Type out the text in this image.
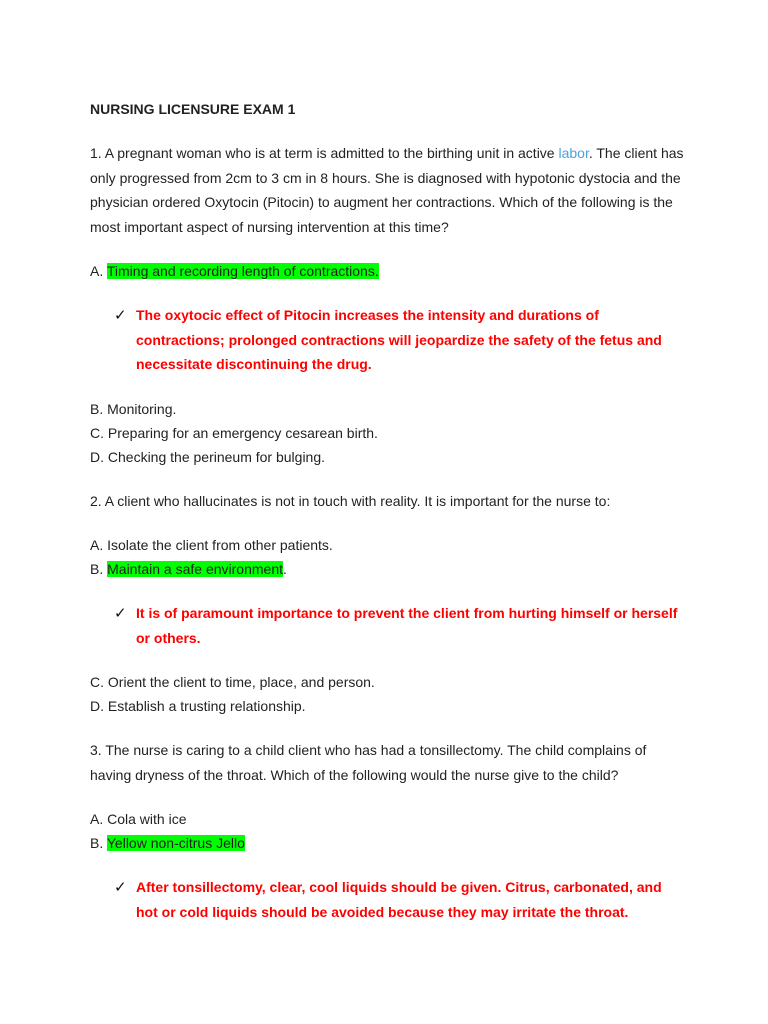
NURSING LICENSURE EXAM 1

1. A pregnant woman who is at term is admitted to the birthing unit in active labor. The client has only progressed from 2cm to 3 cm in 8 hours. She is diagnosed with hypotonic dystocia and the physician ordered Oxytocin (Pitocin) to augment her contractions. Which of the following is the most important aspect of nursing intervention at this time?

A. Timing and recording length of contractions.
✓ The oxytocic effect of Pitocin increases the intensity and durations of contractions; prolonged contractions will jeopardize the safety of the fetus and necessitate discontinuing the drug.
B. Monitoring.
C. Preparing for an emergency cesarean birth.
D. Checking the perineum for bulging.

2. A client who hallucinates is not in touch with reality. It is important for the nurse to:

A. Isolate the client from other patients.
B. Maintain a safe environment.
✓ It is of paramount importance to prevent the client from hurting himself or herself or others.
C. Orient the client to time, place, and person.
D. Establish a trusting relationship.

3. The nurse is caring to a child client who has had a tonsillectomy. The child complains of having dryness of the throat. Which of the following would the nurse give to the child?

A. Cola with ice
B. Yellow non-citrus Jello
✓ After tonsillectomy, clear, cool liquids should be given. Citrus, carbonated, and hot or cold liquids should be avoided because they may irritate the throat.
